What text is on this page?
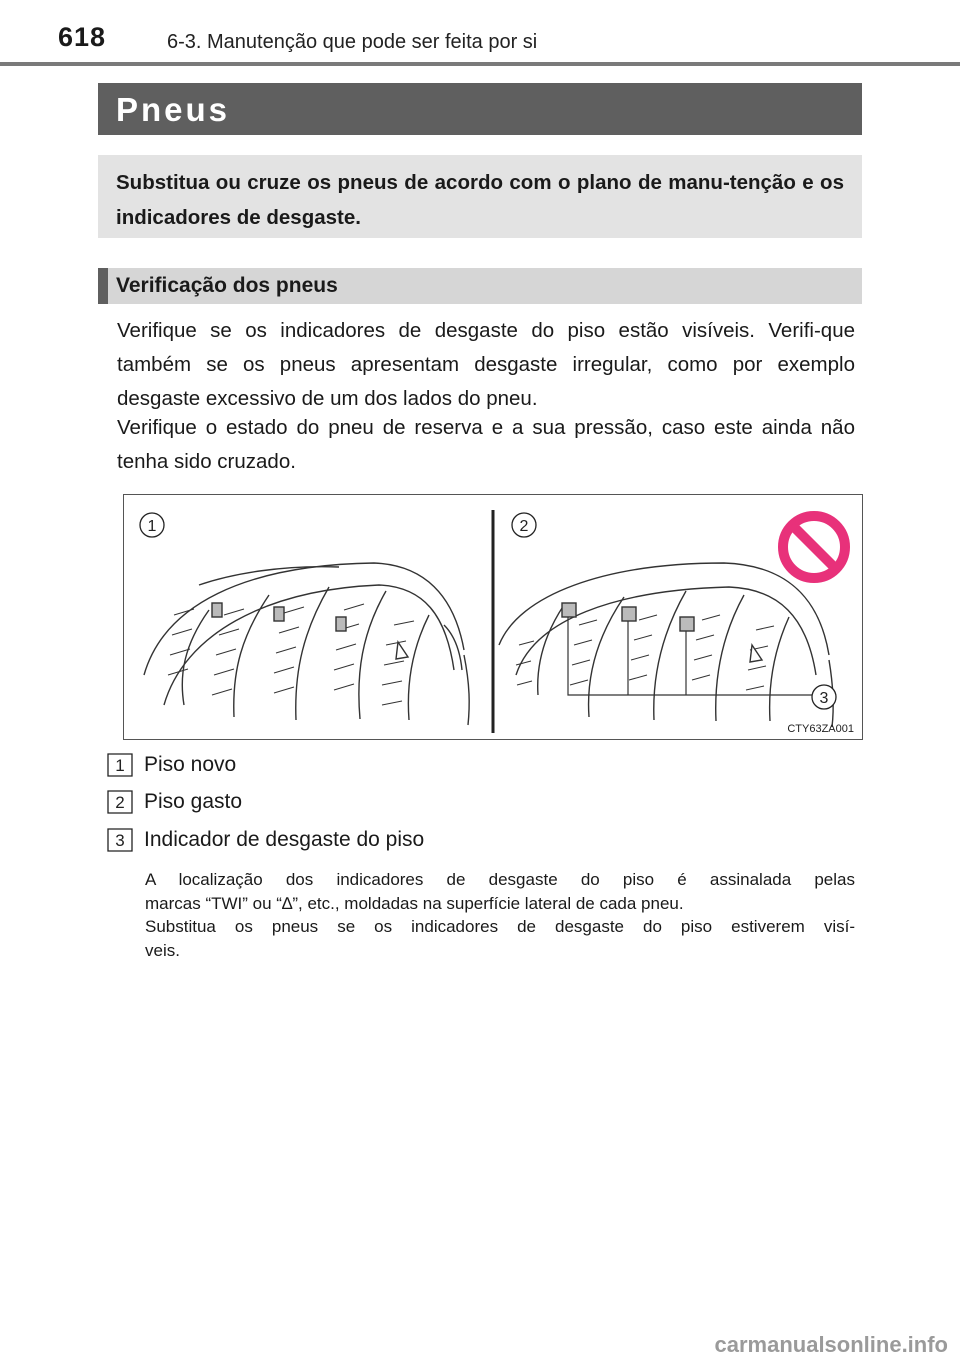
618	6-3. Manutenção que pode ser feita por si
Pneus

Substitua ou cruze os pneus de acordo com o plano de manu-tenção e os indicadores de desgaste.

Verificação dos pneus

Verifique se os indicadores de desgaste do piso estão visíveis. Verifi-que também se os pneus apresentam desgaste irregular, como por exemplo desgaste excessivo de um dos lados do pneu.

Verifique o estado do pneu de reserva e a sua pressão, caso este ainda não tenha sido cruzado.

1	2
3
CTY63ZA001
1 Piso novo
2 Piso gasto
3 Indicador de desgaste do piso

A localização dos indicadores de desgaste do piso é assinalada pelas
marcas “TWI” ou “∆”, etc., moldadas na superfície lateral de cada pneu.
Substitua os pneus se os indicadores de desgaste do piso estiverem visí-
veis.

carmanualsonline.info
